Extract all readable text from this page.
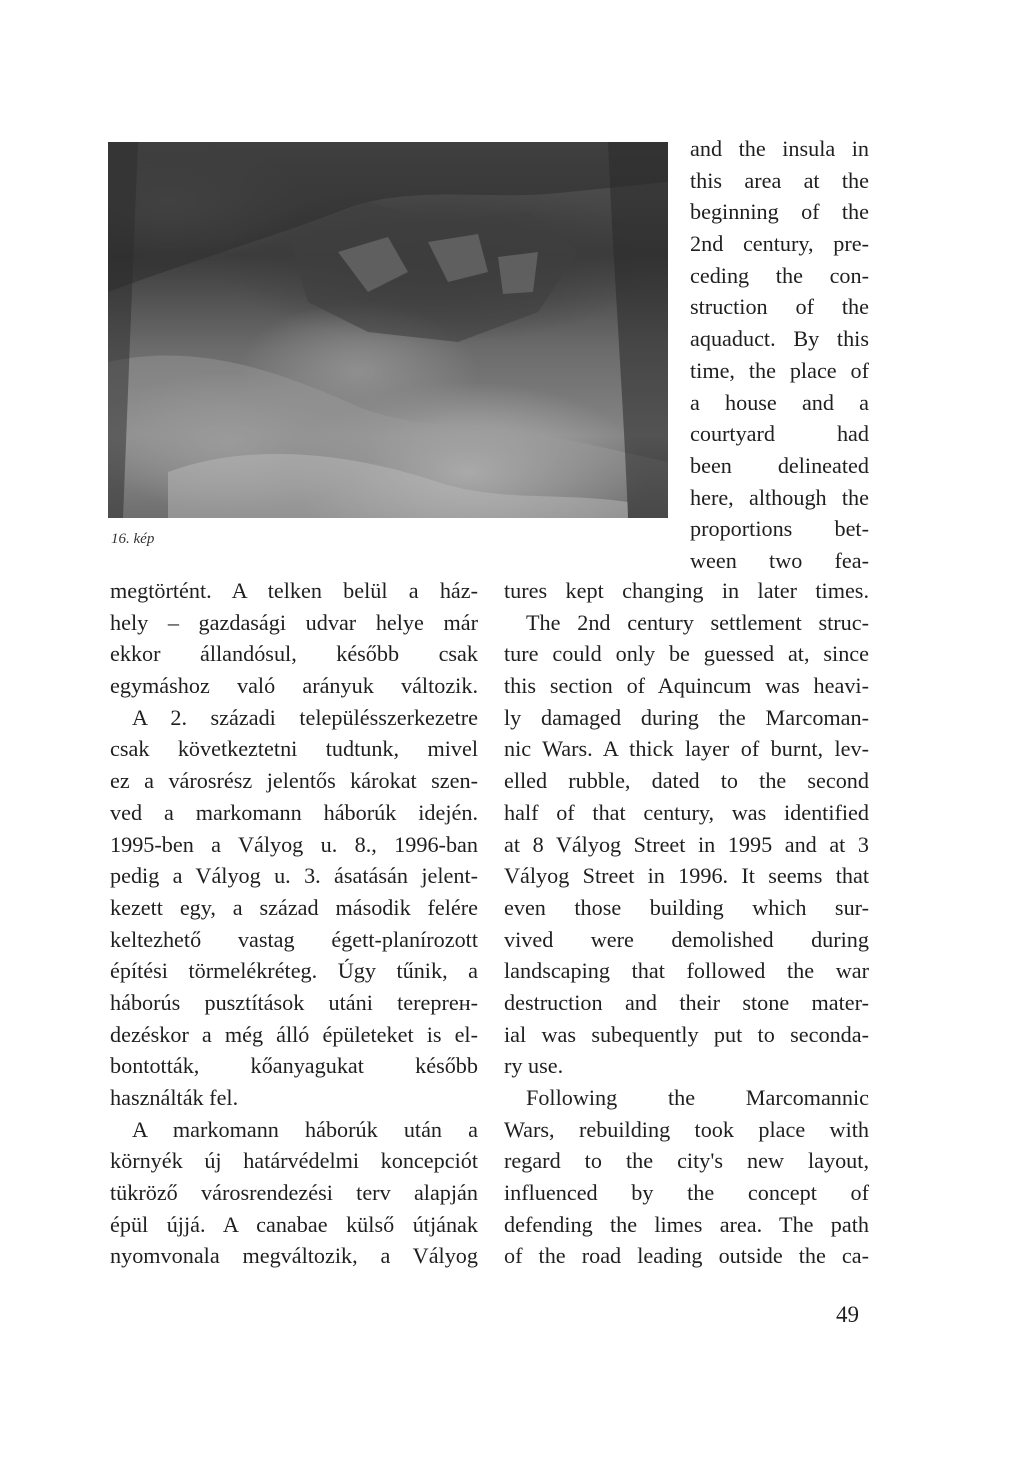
16. kép
and the insula in
this area at the
beginning of the
2nd century, pre-
ceding the con-
struction of the
aquaduct. By this
time, the place of
a house and a
courtyard had
been delineated
here, although the
proportions bet-
ween two fea-
megtörtént. A telken belül a ház-
hely – gazdasági udvar helye már
ekkor állandósul, később csak
egymáshoz való arányuk változik.
A 2. századi településszerkezetre
csak következtetni tudtunk, mivel
ez a városrész jelentős károkat szen-
ved a markomann háborúk idején.
1995-ben a Vályog u. 8., 1996-ban
pedig a Vályog u. 3. ásatásán jelent-
kezett egy, a század második felére
keltezhető vastag égett-planírozott
építési törmelékréteg. Úgy tűnik, a
háborús pusztítások utáni tereprен-
dezéskor a még álló épületeket is el-
bontották, kőanyagukat később
használták fel.
A markomann háborúk után a
környék új határvédelmi koncepciót
tükröző városrendezési terv alapján
épül újjá. A canabae külső útjának
nyomvonala megváltozik, a Vályog
tures kept changing in later times.
The 2nd century settlement struc-
ture could only be guessed at, since
this section of Aquincum was heavi-
ly damaged during the Marcoman-
nic Wars. A thick layer of burnt, lev-
elled rubble, dated to the second
half of that century, was identified
at 8 Vályog Street in 1995 and at 3
Vályog Street in 1996. It seems that
even those building which sur-
vived were demolished during
landscaping that followed the war
destruction and their stone mater-
ial was subequently put to seconda-
ry use.
Following the Marcomannic
Wars, rebuilding took place with
regard to the city's new layout,
influenced by the concept of
defending the limes area. The path
of the road leading outside the ca-
49
